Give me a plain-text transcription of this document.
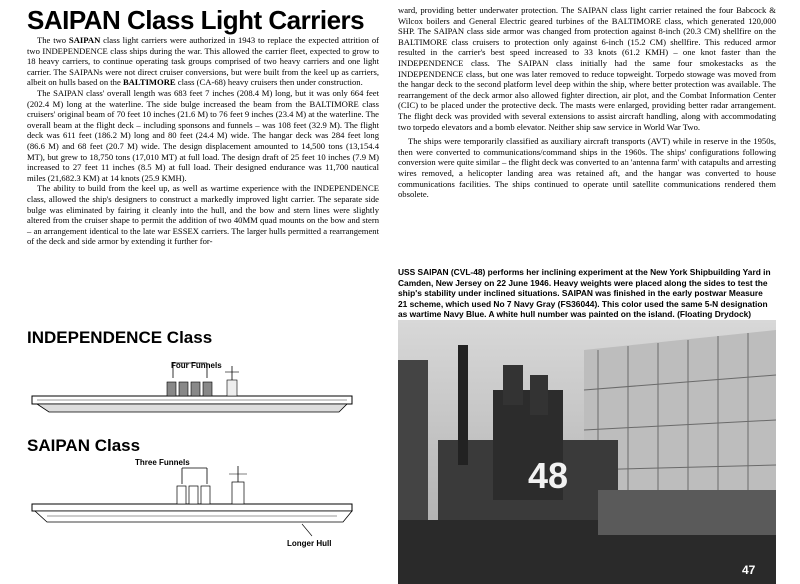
SAIPAN Class Light Carriers

The two SAIPAN class light carriers were authorized in 1943 to replace the expected attrition of two INDEPENDENCE class ships during the war. This allowed the carrier fleet, expected to grow to 18 heavy carriers, to continue operating task groups comprised of two heavy carriers and one light carrier. The SAIPANs were not direct cruiser conversions, but were built from the keel up as carriers, albeit on hulls based on the BALTIMORE class (CA-68) heavy cruisers then under construction.

The SAIPAN class' overall length was 683 feet 7 inches (208.4 M) long, but it was only 664 feet (202.4 M) long at the waterline. The side bulge increased the beam from the BALTIMORE class cruisers' original beam of 70 feet 10 inches (21.6 M) to 76 feet 9 inches (23.4 M) at the waterline. The overall beam at the flight deck – including sponsons and funnels – was 108 feet (32.9 M). The flight deck was 611 feet (186.2 M) long and 80 feet (24.4 M) wide. The hangar deck was 284 feet long (86.6 M) and 68 feet (20.7 M) wide. The design displacement amounted to 14,500 tons (13,154.4 MT), but grew to 18,750 tons (17,010 MT) at full load. The design draft of 25 feet 10 inches (7.9 M) increased to 27 feet 11 inches (8.5 M) at full load. Their designed endurance was 11,700 nautical miles (21,682.3 KM) at 14 knots (25.9 KMH).

The ability to build from the keel up, as well as wartime experience with the INDEPENDENCE class, allowed the ship's designers to construct a markedly improved light carrier. The separate side bulge was eliminated by fairing it cleanly into the hull, and the bow and stern lines were slightly altered from the cruiser shape to permit the addition of two 40MM quad mounts on the bow and stern – an arrangement identical to the late war ESSEX carriers. The larger hulls permitted a rearrangement of the deck and side armor by extending it further for-

ward, providing better underwater protection. The SAIPAN class light carrier retained the four Babcock & Wilcox boilers and General Electric geared turbines of the BALTIMORE class, which generated 120,000 SHP. The SAIPAN class side armor was changed from protection against 8-inch (20.3 CM) shellfire on the BALTIMORE class cruisers to protection only against 6-inch (15.2 CM) shellfire. This reduced armor resulted in the carrier's best speed increased to 33 knots (61.2 KMH) – one knot faster than the INDEPENDENCE class. The SAIPAN class initially had the same four smokestacks as the INDEPENDENCE class, but one was later removed to reduce topweight. Torpedo stowage was moved from the hangar deck to the second platform level deep within the ship, where better protection was available. The rearrangement of the deck armor also allowed fighter direction, air plot, and the Combat Information Center (CIC) to be placed under the protective deck. The masts were enlarged, providing better radar arrangement. The flight deck was provided with several extensions to assist aircraft handling, along with accommodating two torpedo elevators and a bomb elevator. Neither ship saw service in World War Two.

The ships were temporarily classified as auxiliary aircraft transports (AVT) while in reserve in the 1950s, then were converted to communications/command ships in the 1960s. The ships' configurations following conversion were quite similar – the flight deck was converted to an 'antenna farm' with catapults and arresting wires removed, a helicopter landing area was retained aft, and the hangar was converted to house communications facilities. The ships continued to operate until satellite communications rendered them obsolete.

USS SAIPAN (CVL-48) performs her inclining experiment at the New York Shipbuilding Yard in Camden, New Jersey on 22 June 1946. Heavy weights were placed along the sides to test the ship's stability under inclined situations. SAIPAN was finished in the early postwar Measure 21 scheme, which used No 7 Navy Gray (FS36044). This color used the same 5-N designation as wartime Navy Blue. A white hull number was painted on the island. (Floating Drydock)
INDEPENDENCE Class
Four Funnels
SAIPAN Class
Three Funnels
Longer Hull
48
47
